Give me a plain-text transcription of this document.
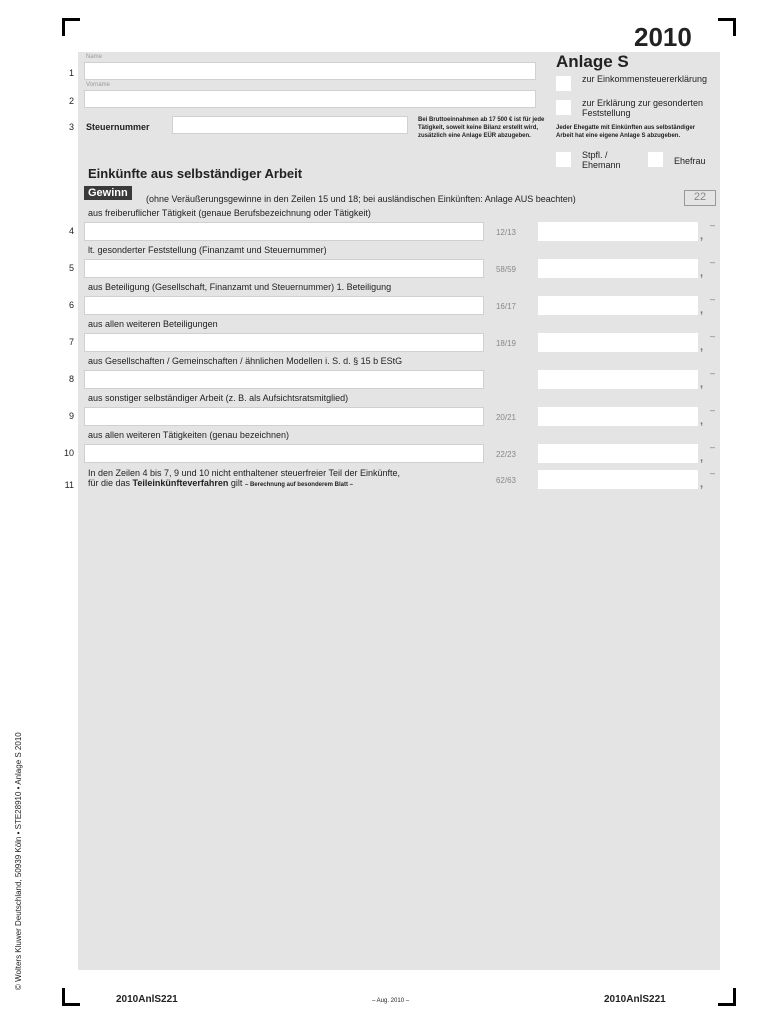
2010
1
Name
2
Vorname
3 Steuernummer
Bei Bruttoeinnahmen ab 17 500 € ist für jede Tätigkeit, soweit keine Bilanz erstellt wird, zusätzlich eine Anlage EÜR abzugeben.
Anlage S
zur Einkommensteuererklärung
zur Erklärung zur gesonderten Feststellung
Jeder Ehegatte mit Einkünften aus selbständiger Arbeit hat eine eigene Anlage S abzugeben.
Stpfl. / Ehemann	Ehefrau
Einkünfte aus selbständiger Arbeit
Gewinn	(ohne Veräußerungsgewinne in den Zeilen 15 und 18; bei ausländischen Einkünften: Anlage AUS beachten)	22
aus freiberuflicher Tätigkeit (genaue Berufsbezeichnung oder Tätigkeit)
4	12/13	,
–
lt. gesonderter Feststellung (Finanzamt und Steuernummer)
5	58/59	,
–
aus Beteiligung (Gesellschaft, Finanzamt und Steuernummer) 1. Beteiligung
6	16/17	,
–
aus allen weiteren Beteiligungen
7	18/19	,
–
aus Gesellschaften / Gemeinschaften / ähnlichen Modellen i. S. d. § 15 b EStG
8	,
–
aus sonstiger selbständiger Arbeit (z. B. als Aufsichtsratsmitglied)
9	20/21	,
–
aus allen weiteren Tätigkeiten (genau bezeichnen)
10	22/23	,
–
11
In den Zeilen 4 bis 7, 9 und 10 nicht enthaltener steuerfreier Teil der Einkünfte,
für die das Teileinkünfteverfahren gilt – Berechnung auf besonderem Blatt –	62/63	,
–
2010AnlS221	– Aug. 2010 –	2010AnlS221
© Wolters Kluwer Deutschland, 50939 Köln • STE28910 • Anlage S 2010
